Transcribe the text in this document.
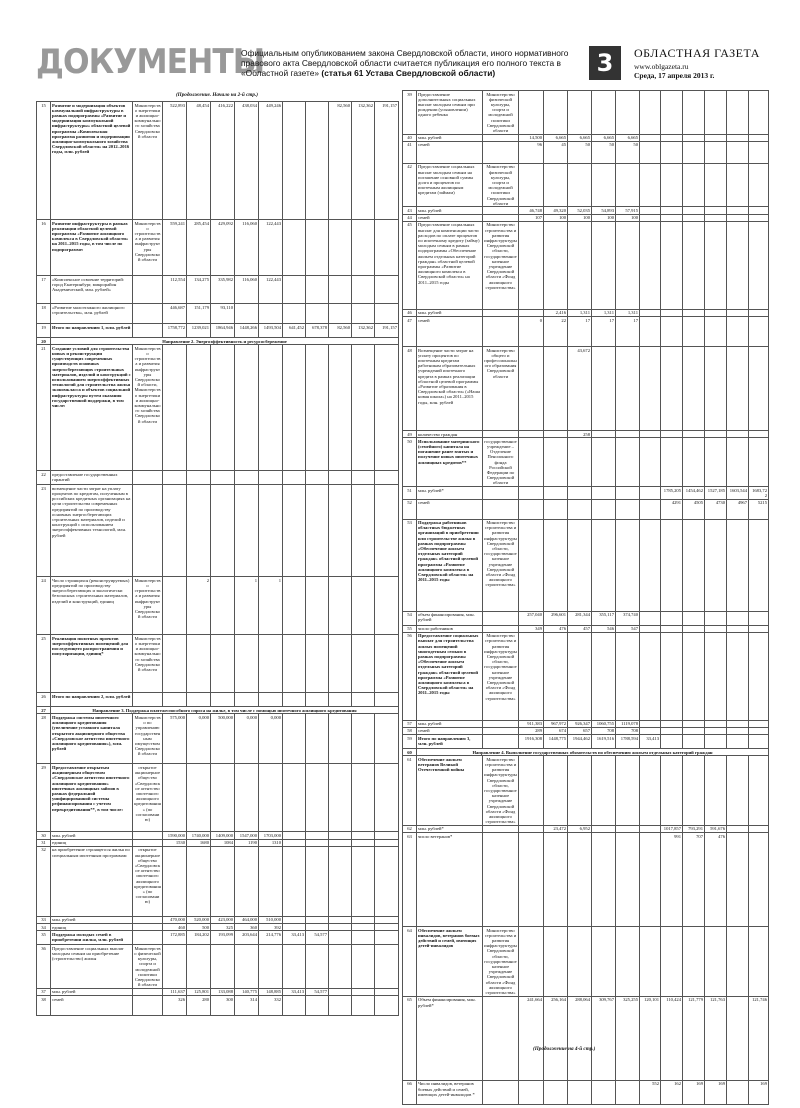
ДОКУМЕНТЫ
Официальным опубликованием закона Свердловской области, иного нормативного правового акта Свердловской области считается публикация его полного текста в «Областной газете» (статья 61 Устава Свердловской области)	3	ОБЛАСТНАЯ ГАЗЕТА
www.oblgazeta.ru
Среда, 17 апреля 2013 г.
(Продолжение. Начало на 2-й стр.)
15	Развитие и модернизация объектов коммунальной инфраструктуры в рамках подпрограммы «Развитие и модернизация коммунальной инфраструктуры» областной целевой программы «Комплексная программа развития и модернизации жилищно-коммунального хозяйства Свердловской области» на 2012–2016 годы, млн. рублей	Министерство энергетики и жилищно-коммунального хозяйства Свердловской области	522,893	48,454	416,222	438,034	449,246			82,560	132,362	191,157
16	Развитие инфраструктуры в рамках реализации областной целевой программы «Развитие жилищного комплекса в Свердловской области» на 2011–2015 годы, в том числе по подпрограмме:	Министерство строительства и развития инфраструктуры Свердловской области	559,241	285,454	429,092	116,060	122,443					
17	«Комплексное освоение территорий: город Екатеринбург, микрорайон Академический, млн. рублей»		112,554	134,275	335,982	116,060	122,443					
18	«Развитие малоэтажного жилищного строительства», млн. рублей		446,687	151,179	93,110							
19	Итого по направлению 1, млн. рублей		1758,772	1239,021	1864,946	1448,266	1493,504	641,452	678,378	82,560	132,362	191,157
20	Направление 2. Энергоэффективность и ресурсосбережение											
21	Создание условий для строительства новых и реконструкции существующих современных производств основных энергосберегающих строительных материалов, изделий и конструкций с использованием энергоэффективных технологий для строительства жилья экономкласса и объектов социальной инфраструктуры путем оказания государственной поддержки, в том числе:	Министерство строительства и развития инфраструктуры Свердловской области, Министерство энергетики и жилищно-коммунального хозяйства Свердловской области										
22	предоставление государственных гарантий											
23	возмещение части затрат на уплату процентов по кредитам, полученным в российских кредитных организациях на цели строительства современных предприятий по производству основных энергосберегающих строительных материалов, изделий и конструкций с использованием энергоэффективных технологий, млн. рублей											
24	Число строящихся (реконструируемых) предприятий по производству энергосберегающих и экологически безопасных строительных материалов, изделий и конструкций, единиц	Министерство строительства и развития инфраструктуры Свердловской области		2		1	1					
25	Реализация пилотных проектов энергоэффективных помещений для последующего распространения и популяризации, единиц*	Министерство энергетики и жилищно-коммунального хозяйства Свердловской области										
26	Итого по направлению 2, млн. рублей											
27	Направление 3. Поддержка платежеспособного спроса на жилье, в том числе с помощью ипотечного жилищного кредитования											
28	Поддержка системы ипотечного жилищного кредитования (увеличение уставного капитала открытого акционерного общества «Свердловское агентство ипотечного жилищного кредитования»), млн. рублей	Министерство по управлению государственным имуществом Свердловской области	575,000	0,000	500,000	0,000	0,000					
29	Предоставление открытым акционерным обществом «Свердловское агентство ипотечного жилищного кредитования» ипотечных жилищных займов в рамках федеральной унифицированной системы рефинансирования с учетом перекредитования**, в том числе:	открытое акционерное общество «Свердловское агентство ипотечного жилищного кредитования» (по согласованию)										
30	млн. рублей		1590,000	1740,000	1409,000	1547,000	1703,000					
31	единиц		1530	1680	1084	1190	1310					
32	на приобретение строящегося жилья по специальным ипотечным программам	открытое акционерное общество «Свердловское агентство ипотечного жилищного кредитования» (по согласованию)										
33	млн. рублей		470,000	520,000	423,000	464,000	510,000					
34	единиц		460	500	325	360	392					
35	Поддержка молодых семей в приобретении жилья, млн. рублей		172,885	184,202	193,099	203,644	214,776	33,413	54,577			
36	Предоставление социальных выплат молодым семьям на приобретение (строительство) жилья	Министерство физической культуры, спорта и молодежной политики Свердловской области										
37	млн. рублей		111,637	125,801	133,088	140,775	148,885	33,413	54,577			
38	семей		326	280	300	314	332					
39	Предоставление дополнительных социальных выплат молодым семьям при рождении (усыновлении) одного ребенка	Министерство физической культуры, спорта и молодежной политики Свердловской области											
40	млн. рублей		14,500	6,665	6,665	6,665	6,665						
41	семей		96	45	50	50	50						
42	Предоставление социальных выплат молодым семьям на погашение основной суммы долга и процентов по ипотечным жилищным кредитам (займам)	Министерство физической культуры, спорта и молодежной политики Свердловской области											
43	млн. рублей		46,748	49,320	52,035	54,893	57,915						
44	семей		107	100	100	100	100						
45	Предоставление социальных выплат для компенсации части расходов по оплате процентов по ипотечному кредиту (займу) молодым семьям в рамках подпрограммы «Обеспечение жильем отдельных категорий граждан» областной целевой программы «Развитие жилищного комплекса в Свердловской области» на 2011–2015 годы	Министерство строительства и развития инфраструктуры Свердловской области, государственное казенное учреждение Свердловской области «Фонд жилищного строительства»											
46	млн. рублей			2,416	1,311	1,311	1,311						
47	семей		0	22	17	17	17						
48	Возмещение части затрат на уплату процентов по ипотечным кредитам работникам образовательных учреждений ипотечного кредита в рамках реализации областной целевой программы «Развитие образования в Свердловской области» («Наша новая школа») на 2011–2015 годы, млн. рублей	Министерство общего и профессионального образования Свердловской области			43,672								
49	количество граждан				258								
50	Использование материнского (семейного) капитала на погашение ранее взятых и получение новых ипотечных жилищных кредитов**	государственное учреждение – Отделение Пенсионного фонда Российской Федерации по Свердловской области											
51	млн. рублей*								1785,205	1454,462	1527,185	1603,544	1683,722
52	семей								4291	4505	4730	4967	5215
53	Поддержка работников областных бюджетных организаций в приобретении или строительстве жилья в рамках подпрограммы «Обеспечение жильем отдельных категорий граждан» областной целевой программы «Развитие жилищного комплекса в Свердловской области» на 2011–2015 годы	Министерство строительства и развития инфраструктуры Свердловской области, государственное казенное учреждение Свердловской области «Фонд жилищного строительства»											
54	объем финансирования, млн. рублей		257,040	296,601	281,344	355,117	374,740						
55	число работников		349	476	457	546	547						
56	Предоставление социальных выплат для строительства жилых помещений многодетным семьям в рамках подпрограммы «Обеспечение жильем отдельных категорий граждан» областной целевой программы «Развитие жилищного комплекса в Свердловской области» на 2011–2015 годы	Министерство строительства и развития инфраструктуры Свердловской области, государственное казенное учреждение Свердловской области «Фонд жилищного строительства»											
57	млн. рублей		911,383	967,972	926,347	1060,755	1119,078						
58	семей		289	674	657	708	708						
59	Итого по направлению 3, млн. рублей		1916,308	1448,775	1944,462	1619,516	1788,594	33,413					
60	Направление 4. Выполнение государственных обязательств по обеспечению жильем отдельных категорий граждан												
61	Обеспечение жильем ветеранов Великой Отечественной войны	Министерство строительства и развития инфраструктуры Свердловской области, государственное казенное учреждение Свердловской области «Фонд жилищного строительства»											
62	млн. рублей*			23,472	6,952				1017,857	793,291	591,676		
63	число ветеранов*								991	707	476		
64	Обеспечение жильем инвалидов, ветеранов боевых действий и семей, имеющих детей-инвалидов	Министерство строительства и развития инфраструктуры Свердловской области, государственное казенное учреждение Свердловской области «Фонд жилищного строительства»											
65	Объем финансирования, млн. рублей*		241,664	256,164	288,064	309,767	325,255	120,101	110,424	121,779	121,763		121,746
66	Число инвалидов, ветеранов боевых действий и семей, имеющих детей-инвалидов *							552	162	169	169		169
(Продолжение на 4-й стр.)
